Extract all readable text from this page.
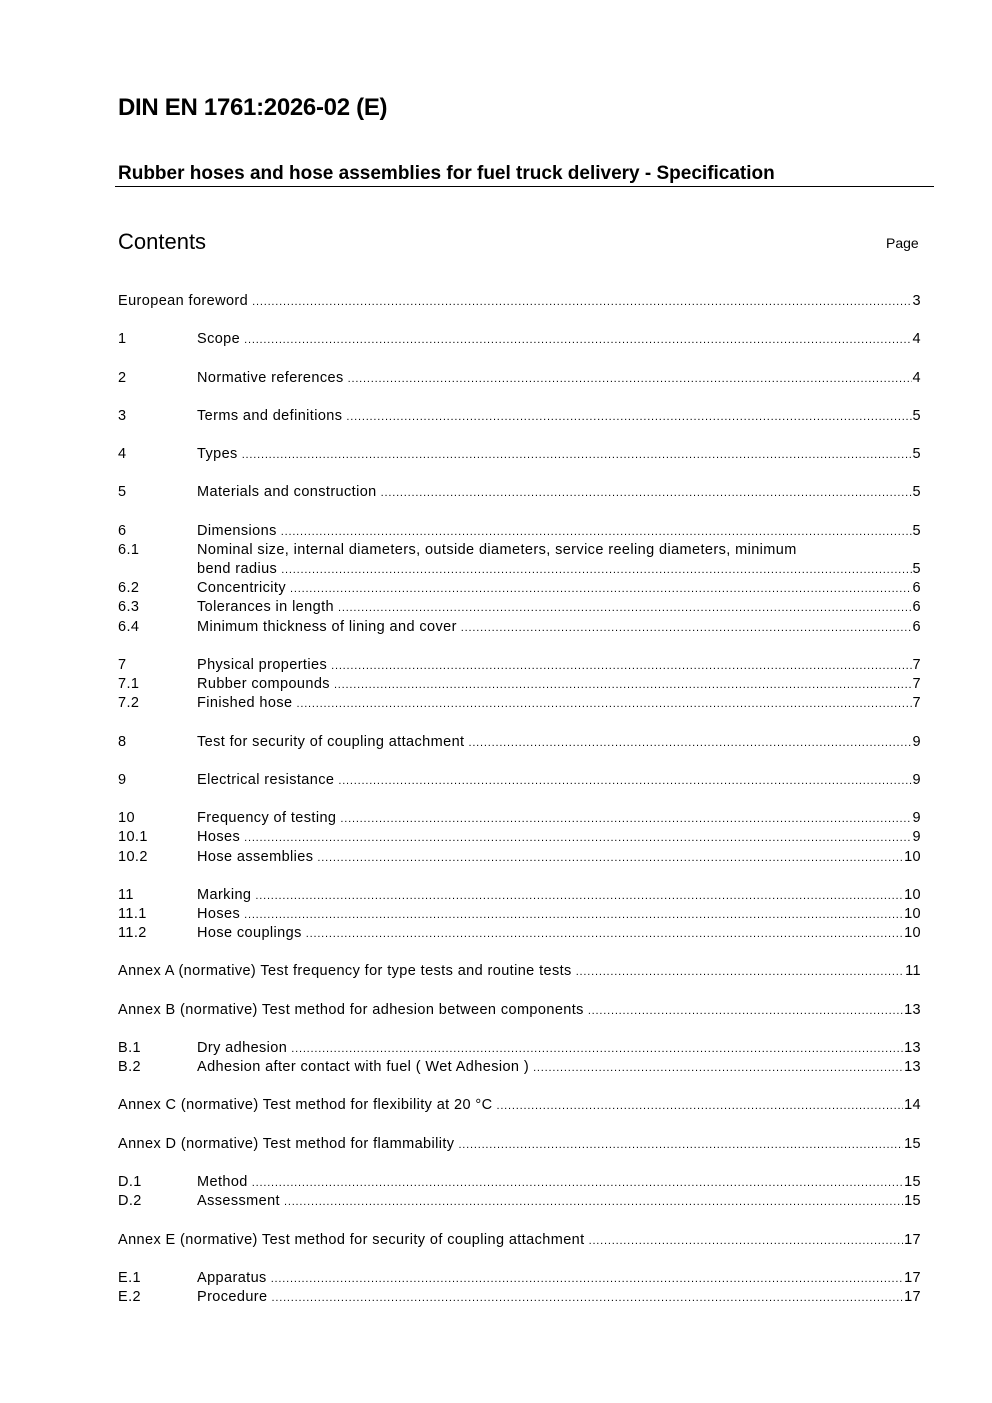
DIN EN 1761:2026-02 (E)
Rubber hoses and hose assemblies for fuel truck delivery - Specification
Contents	Page
European foreword .....	3
1	Scope .....	4
2	Normative references .....	4
3	Terms and definitions .....	5
4	Types .....	5
5	Materials and construction .....	5
6	Dimensions .....	5
6.1	Nominal size, internal diameters, outside diameters, service reeling diameters, minimum
bend radius .....	5
6.2	Concentricity .....	6
6.3	Tolerances in length .....	6
6.4	Minimum thickness of lining and cover .....	6
7	Physical properties .....	7
7.1	Rubber compounds .....	7
7.2	Finished hose .....	7
8	Test for security of coupling attachment .....	9
9	Electrical resistance .....	9
10	Frequency of testing .....	9
10.1	Hoses .....	9
10.2	Hose assemblies .....	10
11	Marking .....	10
11.1	Hoses .....	10
11.2	Hose couplings .....	10
Annex A (normative) Test frequency for type tests and routine tests .....	11
Annex B (normative) Test method for adhesion between components .....	13
B.1	Dry adhesion .....	13
B.2	Adhesion after contact with fuel ( Wet Adhesion ) .....	13
Annex C (normative) Test method for flexibility at 20 °C .....	14
Annex D (normative) Test method for flammability .....	15
D.1	Method .....	15
D.2	Assessment .....	15
Annex E (normative) Test method for security of coupling attachment .....	17
E.1	Apparatus .....	17
E.2	Procedure .....	17
